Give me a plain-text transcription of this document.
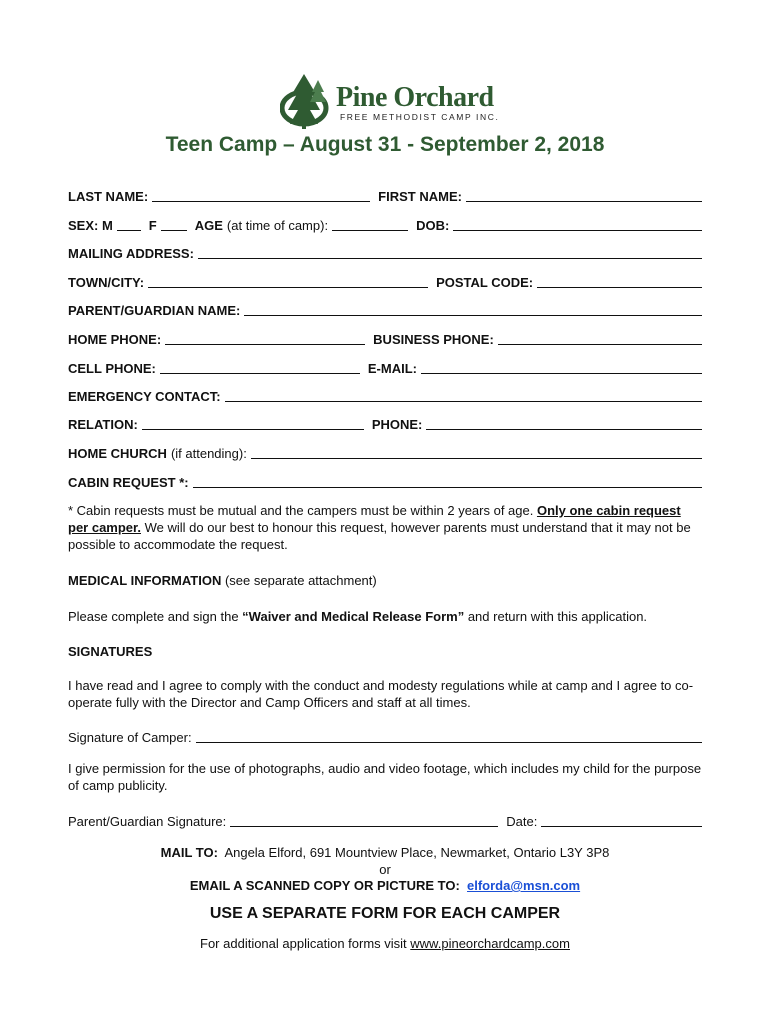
Pine Orchard
FREE METHODIST CAMP INC.
Teen Camp – August 31 - September 2, 2018
LAST NAME:	FIRST NAME:
SEX: M	F	AGE (at time of camp):	DOB:
MAILING ADDRESS:
TOWN/CITY:	POSTAL CODE:
PARENT/GUARDIAN NAME:
HOME PHONE:	BUSINESS PHONE:
CELL PHONE:	E-MAIL:
EMERGENCY CONTACT:
RELATION:	PHONE:
HOME CHURCH (if attending):
CABIN REQUEST *:
* Cabin requests must be mutual and the campers must be within 2 years of age. Only one cabin request per camper. We will do our best to honour this request, however parents must understand that it may not be possible to accommodate the request.
MEDICAL INFORMATION (see separate attachment)
Please complete and sign the “Waiver and Medical Release Form” and return with this application.
SIGNATURES
I have read and I agree to comply with the conduct and modesty regulations while at camp and I agree to co-operate fully with the Director and Camp Officers and staff at all times.
Signature of Camper:
I give permission for the use of photographs, audio and video footage, which includes my child for the purpose of camp publicity.
Parent/Guardian Signature:	Date:
MAIL TO: Angela Elford, 691 Mountview Place, Newmarket, Ontario L3Y 3P8
or
EMAIL A SCANNED COPY OR PICTURE TO: elforda@msn.com
USE A SEPARATE FORM FOR EACH CAMPER
For additional application forms visit www.pineorchardcamp.com
